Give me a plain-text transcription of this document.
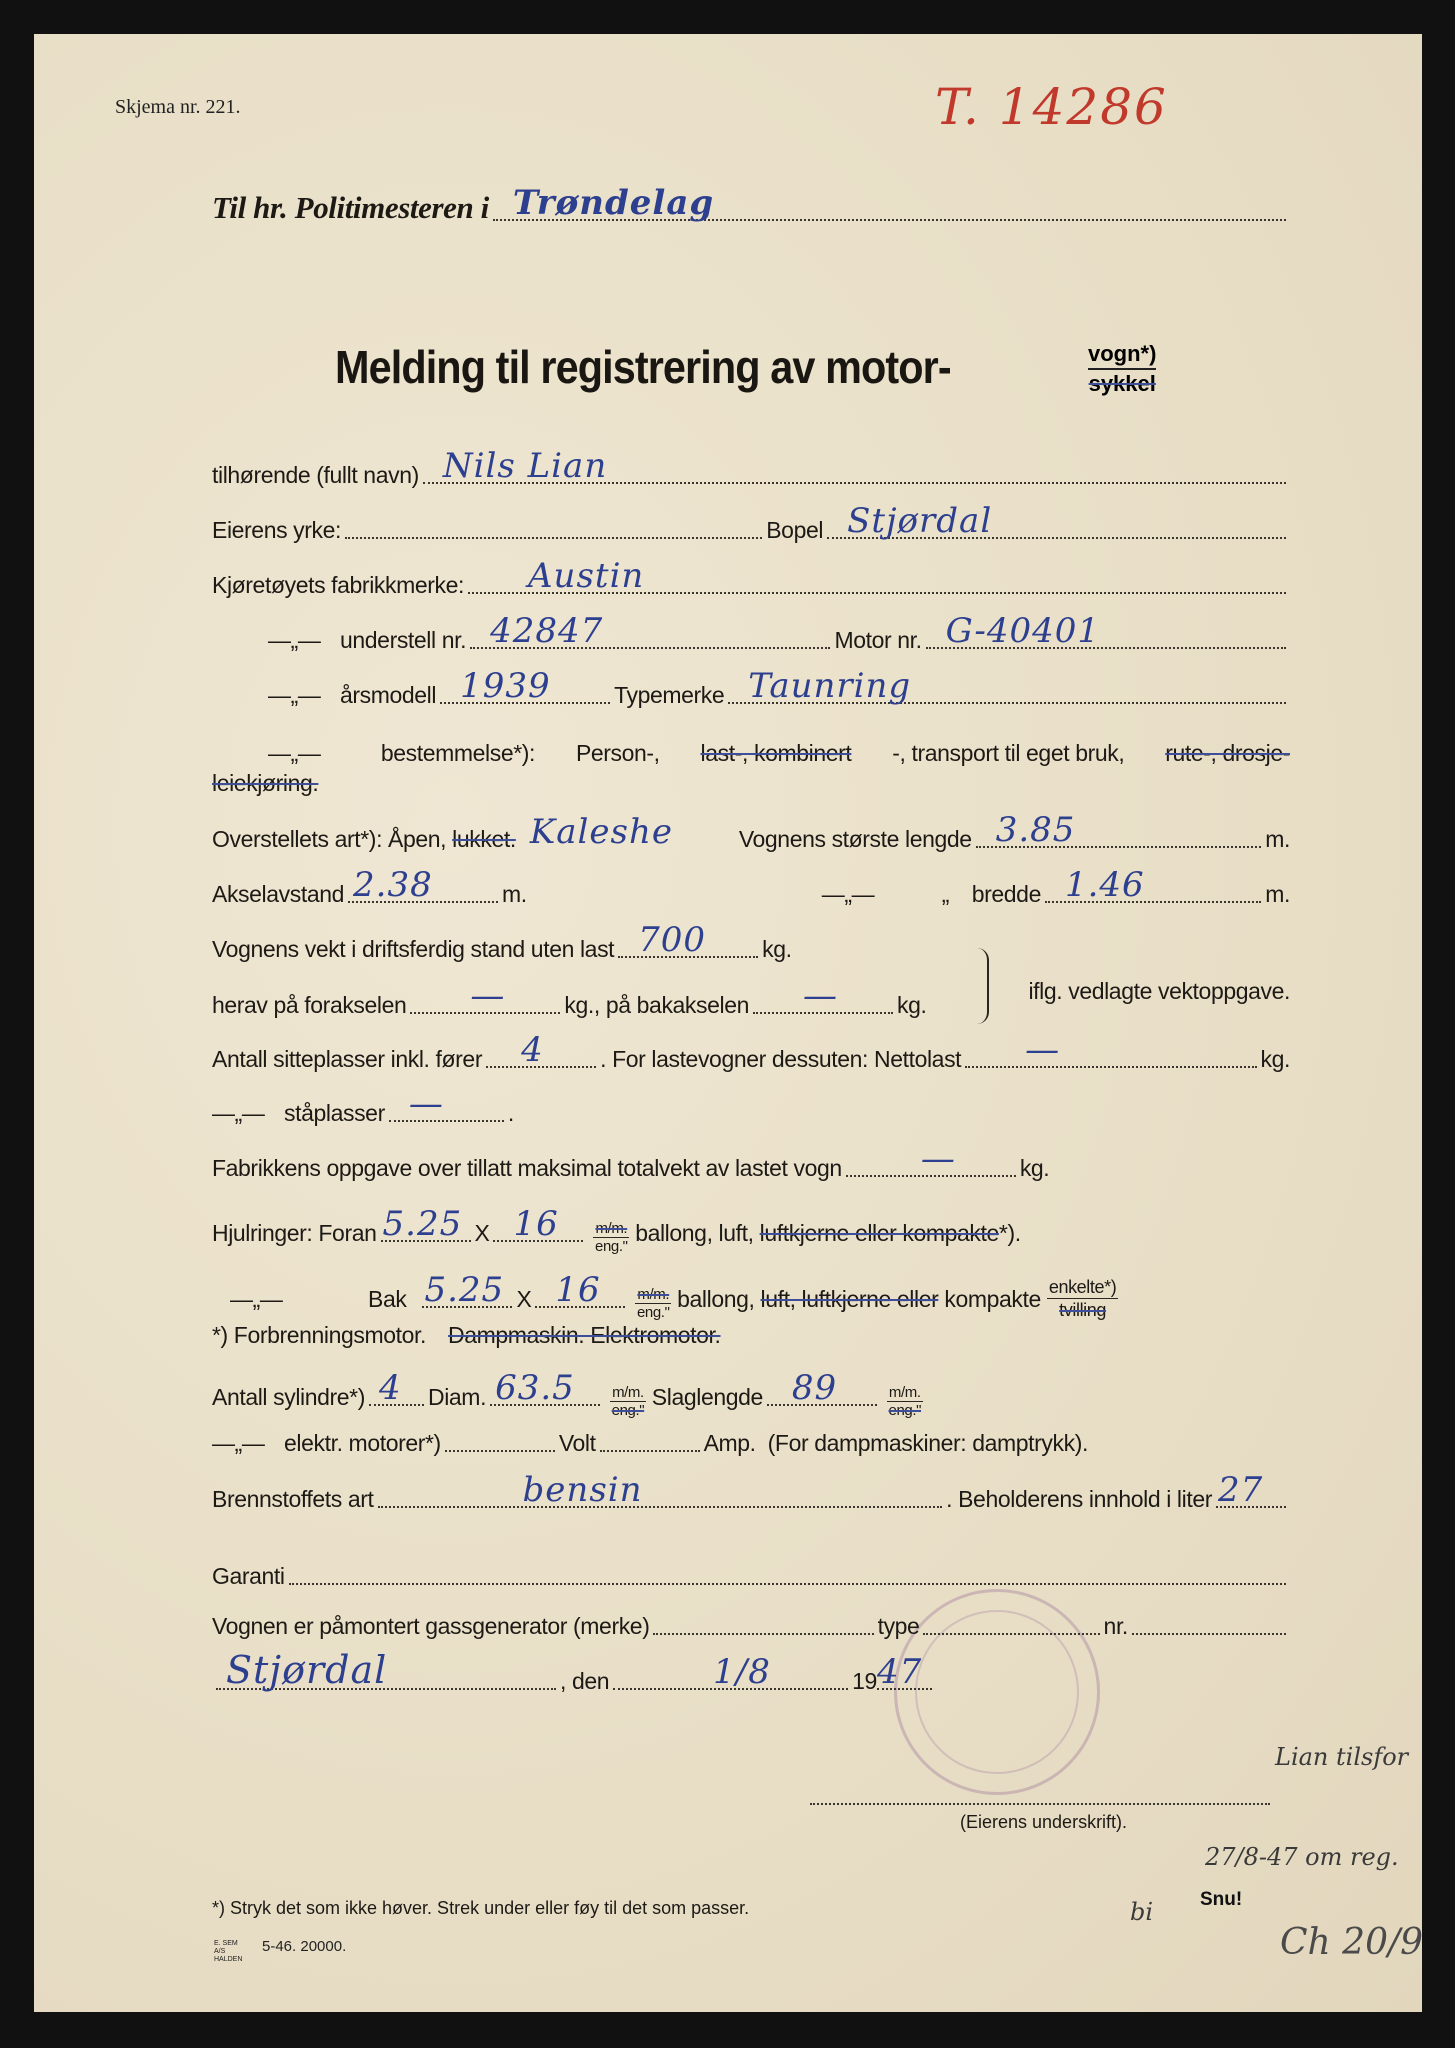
Skjema nr. 221.	T. 14286
Til hr. Politimesteren i Trøndelag
Melding til registrering av motor-	vogn*)
sykkel
tilhørende (fullt navn) Nils Lian
Eierens yrke:	Bopel Stjørdal
Kjøretøyets fabrikkmerke: Austin
—„— understell nr. 42847	Motor nr. G-40401
—„— årsmodell 1939	Typemerke Taunring
—„—	bestemmelse*): Person-, last-, kombinert -, transport til eget bruk, rute-, drosje-
leiekjøring.
Overstellets art*): Åpen,
lukket. Kaleshe	Vognens største lengde 3.85	m.
Akselavstand 2.38	m.	—„—	„ bredde 1.46	m.
Vognens vekt i driftsferdig stand uten last 700 kg.
herav på forakselen —	kg., på bakakselen —	kg.
iflg. vedlagte vektoppgave.
Antall sitteplasser inkl. fører 4 . For lastevogner dessuten: Nettolast —	kg.
—„— ståplasser —	.
Fabrikkens oppgave over tillatt maksimal totalvekt av lastet vogn —	kg.
Hjulringer: Foran 5.25 X $16 \frac{m/m.}{\text{eng."}}$ ballong, luft,
luftkjerne eller kompakte *).
—„—	Bak 5.25 X $16 \frac{m/m.}{\text{eng."}}$ ballong,
luft, luftkjerne eller
kompakte $\frac{\text{enkelte*)}}{\text{tvilling}}$
*) Forbrenningsmotor. Dampmaskin. Elektromotor.
Antall sylindre*) 4 Diam. $63.5 \frac{m/m.}{\text{eng."}}$ Slaglengde 89	$\frac{m/m.}{\text{eng."}}$
—„— elektr. motorer*)	Volt	Amp.
(For dampmaskiner: damptrykk).
Brennstoffets art	bensin	. Beholderens innhold i liter 27
Garanti
Vognen er påmontert gassgenerator (merke)	type	nr.
Stjørdal	, den	1/8	19 47
(Eierens underskrift).
*) Stryk det som ikke høver. Strek under eller føy til det som passer.
E. SEM A/S HALDEN
5-46. 20000.
Snu!
Lian tilsfor
27/8-47 om reg.
bi
Ch 20/9
